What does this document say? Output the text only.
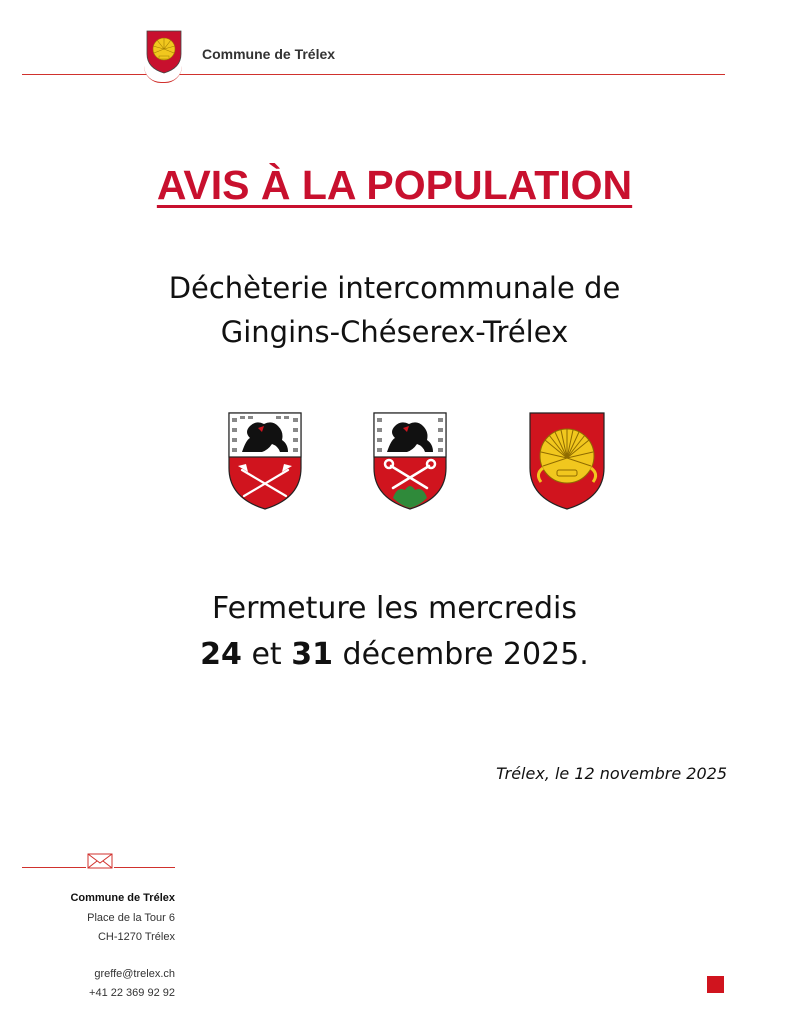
Commune de Trélex
AVIS À LA POPULATION
Déchèterie intercommunale de
Gingins-Chéserex-Trélex
Fermeture les mercredis
24 et 31 décembre 2025.
Trélex, le 12 novembre 2025
Commune de Trélex
Place de la Tour 6
CH-1270 Trélex
greffe@trelex.ch
+41 22 369 92 92
